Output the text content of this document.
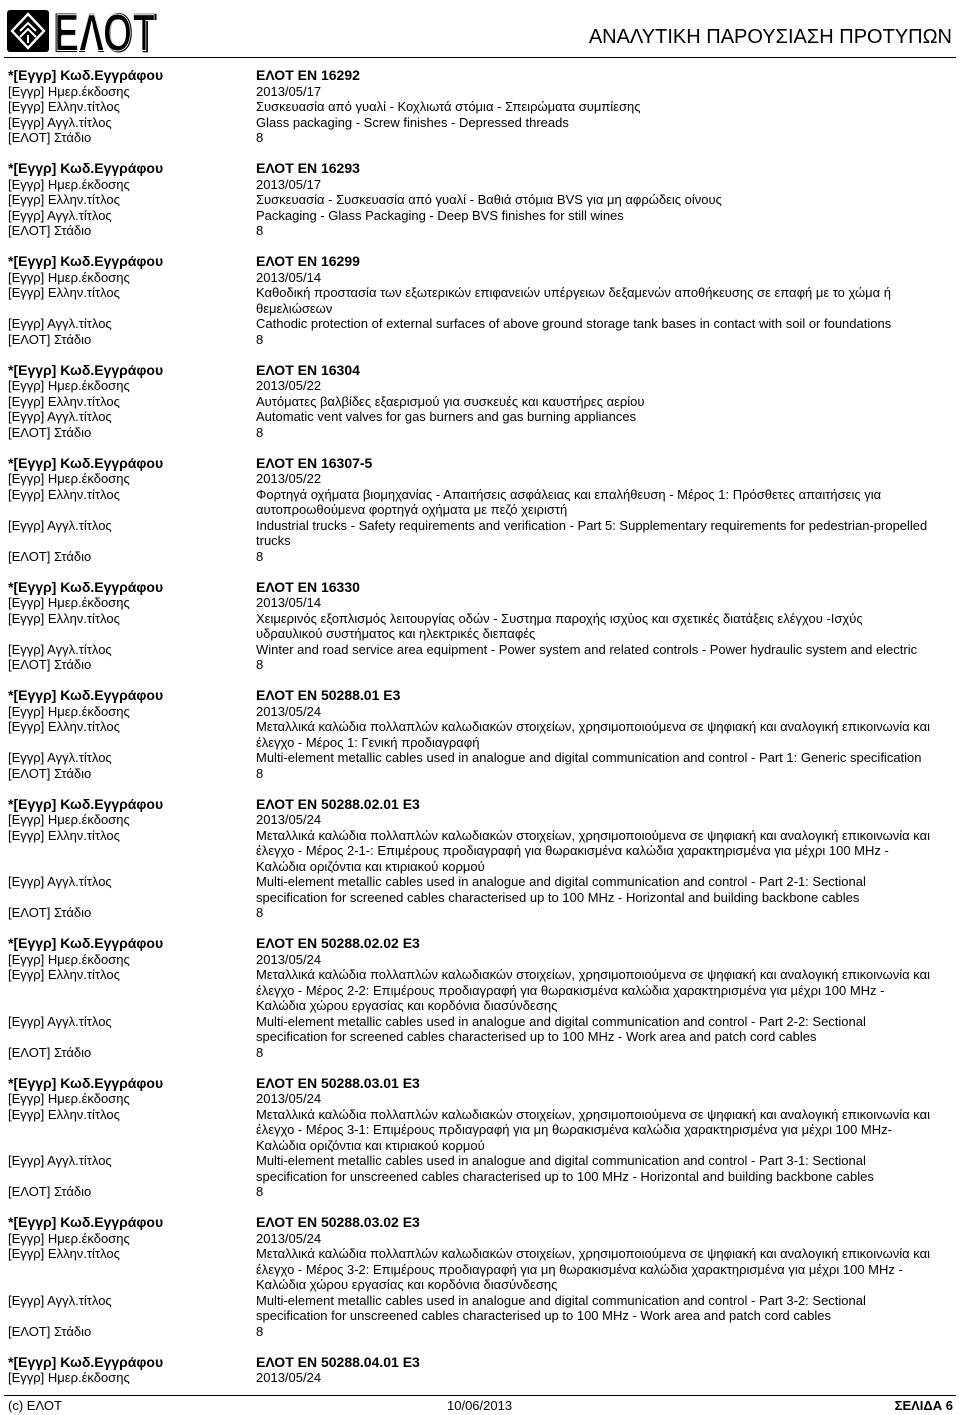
ΕΛΟΤ
ΕΛΟΤ	ΑΝΑΛΥΤΙΚΗ ΠΑΡΟΥΣΙΑΣΗ ΠΡΟΤΥΠΩΝ
*[Εγγρ] Κωδ.Εγγράφου	ΕΛΟΤ EN 16292
[Εγγρ] Ημερ.έκδοσης	2013/05/17
[Εγγρ] Ελλην.τίτλος	Συσκευασία από γυαλί - Κοχλιωτά στόμια - Σπειρώματα συμπίεσης
[Εγγρ] Αγγλ.τίτλος	Glass packaging - Screw finishes - Depressed threads
[ΕΛΟΤ] Στάδιο	8
*[Εγγρ] Κωδ.Εγγράφου	ΕΛΟΤ EN 16293
[Εγγρ] Ημερ.έκδοσης	2013/05/17
[Εγγρ] Ελλην.τίτλος	Συσκευασία - Συσκευασία από γυαλί - Βαθιά στόμια BVS για μη αφρώδεις οίνους
[Εγγρ] Αγγλ.τίτλος	Packaging - Glass Packaging - Deep BVS finishes for still wines
[ΕΛΟΤ] Στάδιο	8
*[Εγγρ] Κωδ.Εγγράφου	ΕΛΟΤ EN 16299
[Εγγρ] Ημερ.έκδοσης	2013/05/14
[Εγγρ] Ελλην.τίτλος	Καθοδική προστασία των εξωτερικών επιφανειών υπέργειων δεξαμενών αποθήκευσης σε επαφή με το χώμα ή θεμελιώσεων
[Εγγρ] Αγγλ.τίτλος	Cathodic protection of external surfaces of above ground storage tank bases in contact with soil or foundations
[ΕΛΟΤ] Στάδιο	8
*[Εγγρ] Κωδ.Εγγράφου	ΕΛΟΤ EN 16304
[Εγγρ] Ημερ.έκδοσης	2013/05/22
[Εγγρ] Ελλην.τίτλος	Αυτόματες βαλβίδες εξαερισμού για συσκευές και καυστήρες αερίου
[Εγγρ] Αγγλ.τίτλος	Automatic vent valves for gas burners and gas burning appliances
[ΕΛΟΤ] Στάδιο	8
*[Εγγρ] Κωδ.Εγγράφου	ΕΛΟΤ EN 16307-5
[Εγγρ] Ημερ.έκδοσης	2013/05/22
[Εγγρ] Ελλην.τίτλος	Φορτηγά οχήματα βιομηχανίας - Απαιτήσεις ασφάλειας και επαλήθευση - Μέρος 1: Πρόσθετες απαιτήσεις για αυτοπροωθούμενα φορτηγά οχήματα με πεζό χειριστή
[Εγγρ] Αγγλ.τίτλος	Industrial trucks - Safety requirements and verification - Part 5: Supplementary requirements for pedestrian-propelled trucks
[ΕΛΟΤ] Στάδιο	8
*[Εγγρ] Κωδ.Εγγράφου	ΕΛΟΤ EN 16330
[Εγγρ] Ημερ.έκδοσης	2013/05/14
[Εγγρ] Ελλην.τίτλος	Χειμερινός εξοπλισμός λειτουργίας οδών - Συστημα παροχής ισχύος και σχετικές διατάξεις ελέγχου -Ισχύς υδραυλικού συστήματος και ηλεκτρικές διεπαφές
[Εγγρ] Αγγλ.τίτλος	Winter and road service area equipment - Power system and related controls - Power hydraulic system and electric
[ΕΛΟΤ] Στάδιο	8
*[Εγγρ] Κωδ.Εγγράφου	ΕΛΟΤ EN 50288.01 E3
[Εγγρ] Ημερ.έκδοσης	2013/05/24
[Εγγρ] Ελλην.τίτλος	Μεταλλικά καλώδια πολλαπλών καλωδιακών στοιχείων, χρησιμοποιούμενα σε ψηφιακή και αναλογική επικοινωνία και έλεγχο - Μέρος 1: Γενική προδιαγραφή
[Εγγρ] Αγγλ.τίτλος	Multi-element metallic cables used in analogue and digital communication and control - Part 1: Generic specification
[ΕΛΟΤ] Στάδιο	8
*[Εγγρ] Κωδ.Εγγράφου	ΕΛΟΤ EN 50288.02.01 E3
[Εγγρ] Ημερ.έκδοσης	2013/05/24
[Εγγρ] Ελλην.τίτλος	Μεταλλικά καλώδια πολλαπλών καλωδιακών στοιχείων, χρησιμοποιούμενα σε ψηφιακή και αναλογική επικοινωνία και έλεγχο - Μέρος 2-1-: Επιμέρους προδιαγραφή για θωρακισμένα καλώδια χαρακτηρισμένα για μέχρι 100 MHz - Καλώδια οριζόντια και κτιριακού κορμού
[Εγγρ] Αγγλ.τίτλος	Multi-element metallic cables used in analogue and digital communication and control - Part 2-1: Sectional specification for screened cables characterised up to 100 MHz - Horizontal and building backbone cables
[ΕΛΟΤ] Στάδιο	8
*[Εγγρ] Κωδ.Εγγράφου	ΕΛΟΤ EN 50288.02.02 E3
[Εγγρ] Ημερ.έκδοσης	2013/05/24
[Εγγρ] Ελλην.τίτλος	Μεταλλικά καλώδια πολλαπλών καλωδιακών στοιχείων, χρησιμοποιούμενα σε ψηφιακή και αναλογική επικοινωνία και έλεγχο - Μέρος 2-2: Επιμέρους προδιαγραφή για θωρακισμένα καλώδια χαρακτηρισμένα για μέχρι 100 MHz - Καλώδια χώρου εργασίας και κορδόνια διασύνδεσης
[Εγγρ] Αγγλ.τίτλος	Multi-element metallic cables used in analogue and digital communication and control - Part 2-2: Sectional specification for screened cables characterised up to 100 MHz - Work area and patch cord cables
[ΕΛΟΤ] Στάδιο	8
*[Εγγρ] Κωδ.Εγγράφου	ΕΛΟΤ EN 50288.03.01 E3
[Εγγρ] Ημερ.έκδοσης	2013/05/24
[Εγγρ] Ελλην.τίτλος	Μεταλλικά καλώδια πολλαπλών καλωδιακών στοιχείων, χρησιμοποιούμενα σε ψηφιακή και αναλογική επικοινωνία και έλεγχο - Μέρος 3-1: Επιμέρους πρδιαγραφή για μη θωρακισμένα καλώδια χαρακτηρισμένα για μέχρι 100 MHz- Καλώδια οριζόντια και κτιριακού κορμού
[Εγγρ] Αγγλ.τίτλος	Multi-element metallic cables used in analogue and digital communication and control - Part 3-1: Sectional specification for unscreened cables characterised up to 100 MHz - Horizontal and building backbone cables
[ΕΛΟΤ] Στάδιο	8
*[Εγγρ] Κωδ.Εγγράφου	ΕΛΟΤ EN 50288.03.02 E3
[Εγγρ] Ημερ.έκδοσης	2013/05/24
[Εγγρ] Ελλην.τίτλος	Μεταλλικά καλώδια πολλαπλών καλωδιακών στοιχείων, χρησιμοποιούμενα σε ψηφιακή και αναλογική επικοινωνία και έλεγχο - Μέρος 3-2: Επιμέρους προδιαγραφή για μη θωρακισμένα καλώδια χαρακτηρισμένα για μέχρι 100 MHz - Καλώδια χώρου εργασίας και κορδόνια διασύνδεσης
[Εγγρ] Αγγλ.τίτλος	Multi-element metallic cables used in analogue and digital communication and control - Part 3-2: Sectional specification for unscreened cables characterised up to 100 MHz - Work area and patch cord cables
[ΕΛΟΤ] Στάδιο	8
*[Εγγρ] Κωδ.Εγγράφου	ΕΛΟΤ EN 50288.04.01 E3
[Εγγρ] Ημερ.έκδοσης	2013/05/24
(c) ΕΛΟΤ	10/06/2013	ΣΕΛΙΔΑ 6
